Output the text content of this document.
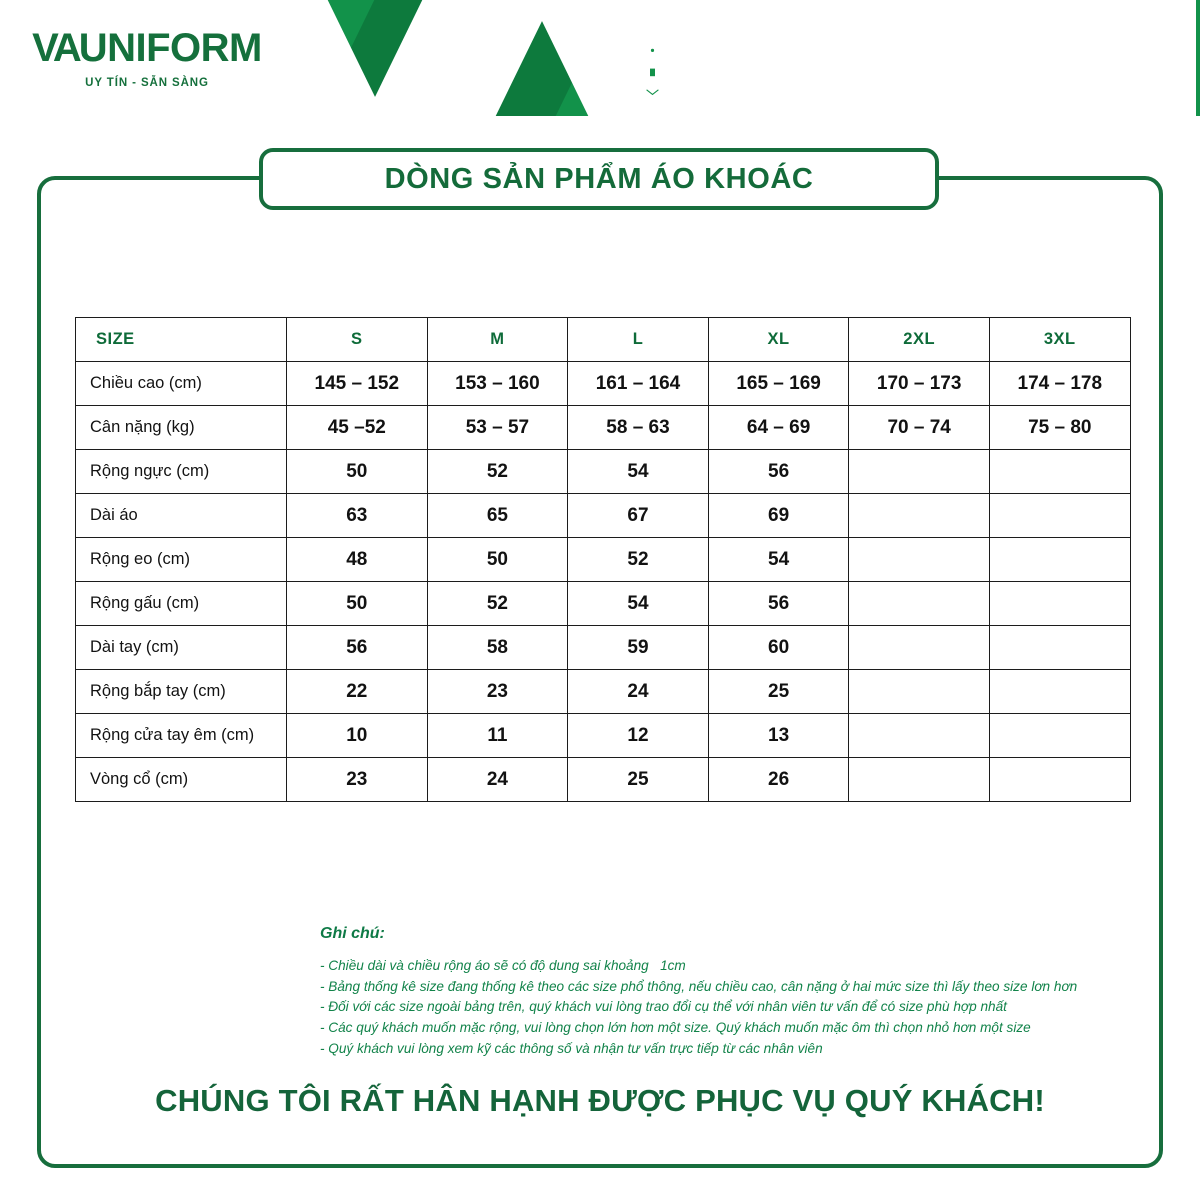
VINH AN SERVICE AND TRADING COMPANY
Factory: Group 22 Dong Anh Town, Dong Anh District, Ha Noi City.
Hotline (+84) 913 003 978	Tel: (+84) 243 2043125/126
Email: kimthoa@vinhanco.com	www.vinhan.com.vn
VAUNIFORM
UY TÍN - SẴN SÀNG
DÒNG SẢN PHẨM ÁO KHOÁC
SIZE	S	M	L	XL	2XL	3XL
Chiều cao (cm)	145 – 152	153 – 160	161 – 164	165 – 169	170 – 173	174 – 178
Cân nặng (kg)	45 –52	53 – 57	58 – 63	64 – 69	70 – 74	75 – 80
Rộng ngực (cm)	50	52	54	56		
Dài áo	63	65	67	69		
Rộng eo (cm)	48	50	52	54		
Rộng gấu (cm)	50	52	54	56		
Dài tay (cm)	56	58	59	60		
Rộng bắp tay (cm)	22	23	24	25		
Rộng cửa tay êm (cm)	10	11	12	13		
Vòng cổ (cm)	23	24	25	26		
Ghi chú:
- Chiều dài và chiều rộng áo sẽ có độ dung sai khoảng   1cm
- Bảng thống kê size đang thống kê theo các size phổ thông, nếu chiều cao, cân nặng ở hai mức size thì lấy theo size lơn hơn
- Đối với các size ngoài bảng trên, quý khách vui lòng trao đổi cụ thể với nhân viên tư vấn để có size phù hợp nhất
- Các quý khách muốn mặc rộng, vui lòng chọn lớn hơn một size. Quý khách muốn mặc ôm thì chọn nhỏ hơn một size
- Quý khách vui lòng xem kỹ các thông số và nhận tư vấn trực tiếp từ các nhân viên
CHÚNG TÔI RẤT HÂN HẠNH ĐƯỢC PHỤC VỤ QUÝ KHÁCH!
